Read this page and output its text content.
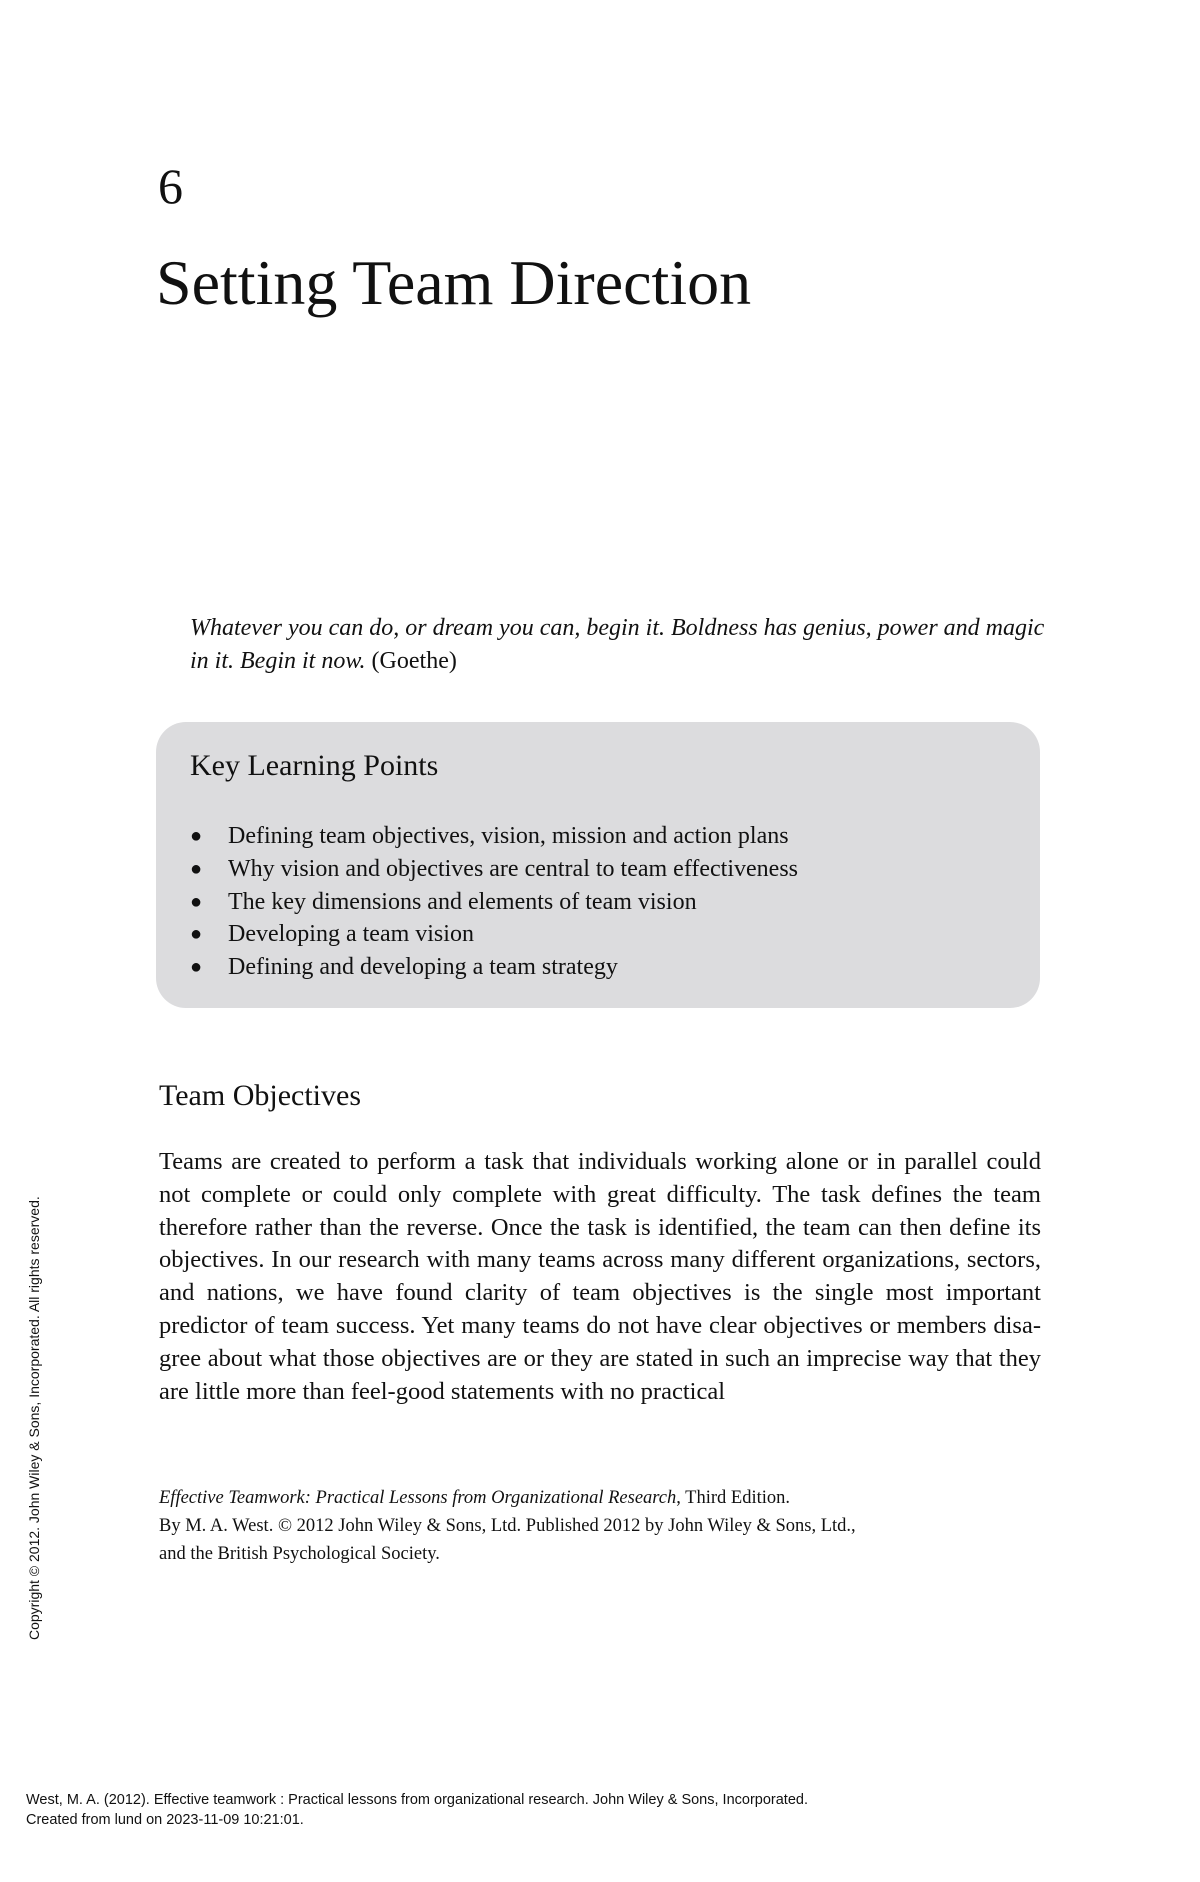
6
Setting Team Direction
Whatever you can do, or dream you can, begin it. Boldness has genius, power and magic in it. Begin it now. (Goethe)
Key Learning Points
●	Defining team objectives, vision, mission and action plans
●	Why vision and objectives are central to team effectiveness
●	The key dimensions and elements of team vision
●	Developing a team vision
●	Defining and developing a team strategy
Team Objectives

Teams are created to perform a task that individuals working alone or in parallel could not complete or could only complete with great difficulty. The task defines the team therefore rather than the reverse. Once the task is identified, the team can then define its objectives. In our research with many teams across many different organizations, sectors, and nations, we have found clarity of team objectives is the single most important predictor of team success. Yet many teams do not have clear objectives or members disa-gree about what those objectives are or they are stated in such an imprecise way that they are little more than feel-good statements with no practical

Effective Teamwork: Practical Lessons from Organizational Research, Third Edition.
By M. A. West. © 2012 John Wiley & Sons, Ltd. Published 2012 by John Wiley & Sons, Ltd.,
and the British Psychological Society.
Copyright © 2012. John Wiley & Sons, Incorporated. All rights reserved.
West, M. A. (2012). Effective teamwork : Practical lessons from organizational research. John Wiley & Sons, Incorporated.
Created from lund on 2023-11-09 10:21:01.
